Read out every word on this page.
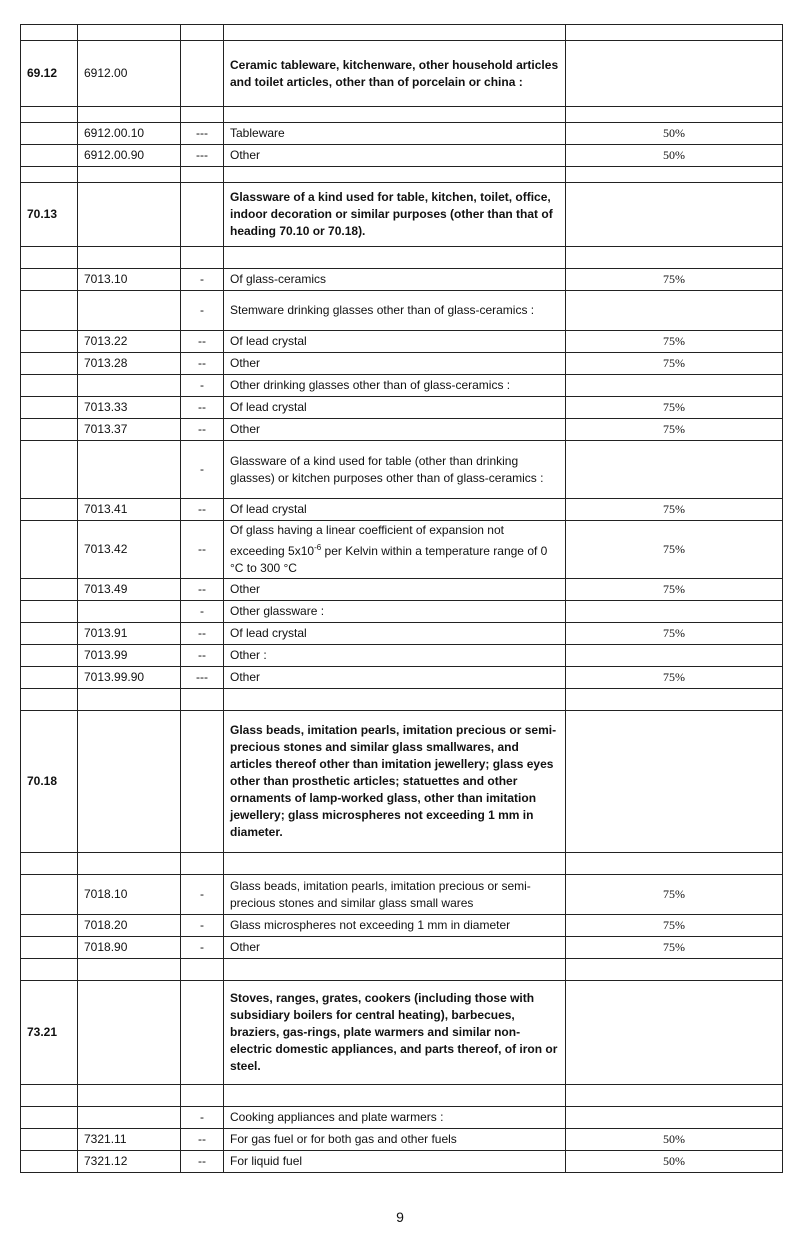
69.12	6912.00		Ceramic tableware, kitchenware, other household articles and toilet articles, other than of porcelain or china :	

	6912.00.10	---	Tableware	50%
	6912.00.90	---	Other	50%

70.13			Glassware of a kind used for table, kitchen, toilet, office, indoor decoration or similar purposes (other than that of heading 70.10 or 70.18).	

	7013.10	-	Of glass-ceramics	75%
		-	Stemware drinking glasses other than of glass-ceramics :	
	7013.22	--	Of lead crystal	75%
	7013.28	--	Other	75%
		-	Other drinking glasses other than of glass-ceramics :	
	7013.33	--	Of lead crystal	75%
	7013.37	--	Other	75%
		-	Glassware of a kind used for table (other than drinking glasses) or kitchen purposes other than of glass-ceramics :	
	7013.41	--	Of lead crystal	75%
	7013.42	--	Of glass having a linear coefficient of expansion not exceeding $5x10^{-6}$ per Kelvin within a temperature range of 0 °C to 300 °C	75%
	7013.49	--	Other	75%
		-	Other glassware :	
	7013.91	--	Of lead crystal	75%
	7013.99	--	Other :	
	7013.99.90	---	Other	75%

70.18			Glass beads, imitation pearls, imitation precious or semi-precious stones and similar glass smallwares, and articles thereof other than imitation jewellery; glass eyes other than prosthetic articles; statuettes and other ornaments of lamp-worked glass, other than imitation jewellery; glass microspheres not exceeding 1 mm in diameter.	

	7018.10	-	Glass beads, imitation pearls, imitation precious or semi-precious stones and similar glass small wares	75%
	7018.20	-	Glass microspheres not exceeding 1 mm in diameter	75%
	7018.90	-	Other	75%

73.21			Stoves, ranges, grates, cookers (including those with subsidiary boilers for central heating), barbecues, braziers, gas-rings, plate warmers and similar non-electric domestic appliances, and parts thereof, of iron or steel.	

		-	Cooking appliances and plate warmers :	
	7321.11	--	For gas fuel or for both gas and other fuels	50%
	7321.12	--	For liquid fuel	50%
9
